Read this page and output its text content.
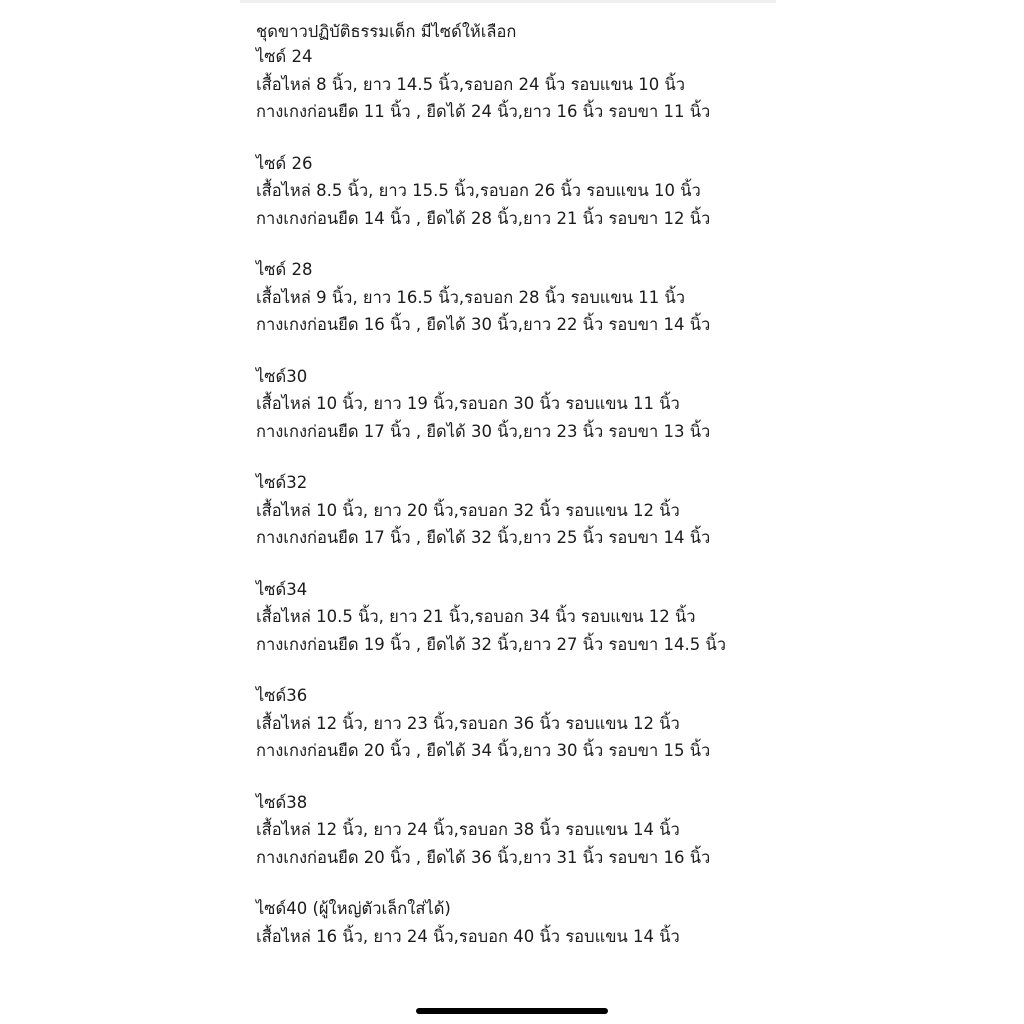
ชุดขาวปฏิบัติธรรมเด็ก มีไซด์ให้เลือก
ไซด์ 24
เสื้อไหล่ 8 นิ้ว, ยาว 14.5 นิ้ว,รอบอก 24 นิ้ว รอบแขน 10 นิ้ว
กางเกงก่อนยืด 11 นิ้ว , ยืดได้ 24 นิ้ว,ยาว 16 นิ้ว รอบขา 11 นิ้ว
ไซด์ 26
เสื้อไหล่ 8.5 นิ้ว, ยาว 15.5 นิ้ว,รอบอก 26 นิ้ว รอบแขน 10 นิ้ว
กางเกงก่อนยืด 14 นิ้ว , ยืดได้ 28 นิ้ว,ยาว 21 นิ้ว รอบขา 12 นิ้ว
ไซด์ 28
เสื้อไหล่ 9 นิ้ว, ยาว 16.5 นิ้ว,รอบอก 28 นิ้ว รอบแขน 11 นิ้ว
กางเกงก่อนยืด 16 นิ้ว , ยืดได้ 30 นิ้ว,ยาว 22 นิ้ว รอบขา 14 นิ้ว
ไซด์30
เสื้อไหล่ 10 นิ้ว, ยาว 19 นิ้ว,รอบอก 30 นิ้ว รอบแขน 11 นิ้ว
กางเกงก่อนยืด 17 นิ้ว , ยืดได้ 30 นิ้ว,ยาว 23 นิ้ว รอบขา 13 นิ้ว
ไซด์32
เสื้อไหล่ 10 นิ้ว, ยาว 20 นิ้ว,รอบอก 32 นิ้ว รอบแขน 12 นิ้ว
กางเกงก่อนยืด 17 นิ้ว , ยืดได้ 32 นิ้ว,ยาว 25 นิ้ว รอบขา 14 นิ้ว
ไซด์34
เสื้อไหล่ 10.5 นิ้ว, ยาว 21 นิ้ว,รอบอก 34 นิ้ว รอบแขน 12 นิ้ว
กางเกงก่อนยืด 19 นิ้ว , ยืดได้ 32 นิ้ว,ยาว 27 นิ้ว รอบขา 14.5 นิ้ว
ไซด์36
เสื้อไหล่ 12 นิ้ว, ยาว 23 นิ้ว,รอบอก 36 นิ้ว รอบแขน 12 นิ้ว
กางเกงก่อนยืด 20 นิ้ว , ยืดได้ 34 นิ้ว,ยาว 30 นิ้ว รอบขา 15 นิ้ว
ไซด์38
เสื้อไหล่ 12 นิ้ว, ยาว 24 นิ้ว,รอบอก 38 นิ้ว รอบแขน 14 นิ้ว
กางเกงก่อนยืด 20 นิ้ว , ยืดได้ 36 นิ้ว,ยาว 31 นิ้ว รอบขา 16 นิ้ว
ไซด์40 (ผู้ใหญ่ตัวเล็กใส่ได้)
เสื้อไหล่ 16 นิ้ว, ยาว 24 นิ้ว,รอบอก 40 นิ้ว รอบแขน 14 นิ้ว
